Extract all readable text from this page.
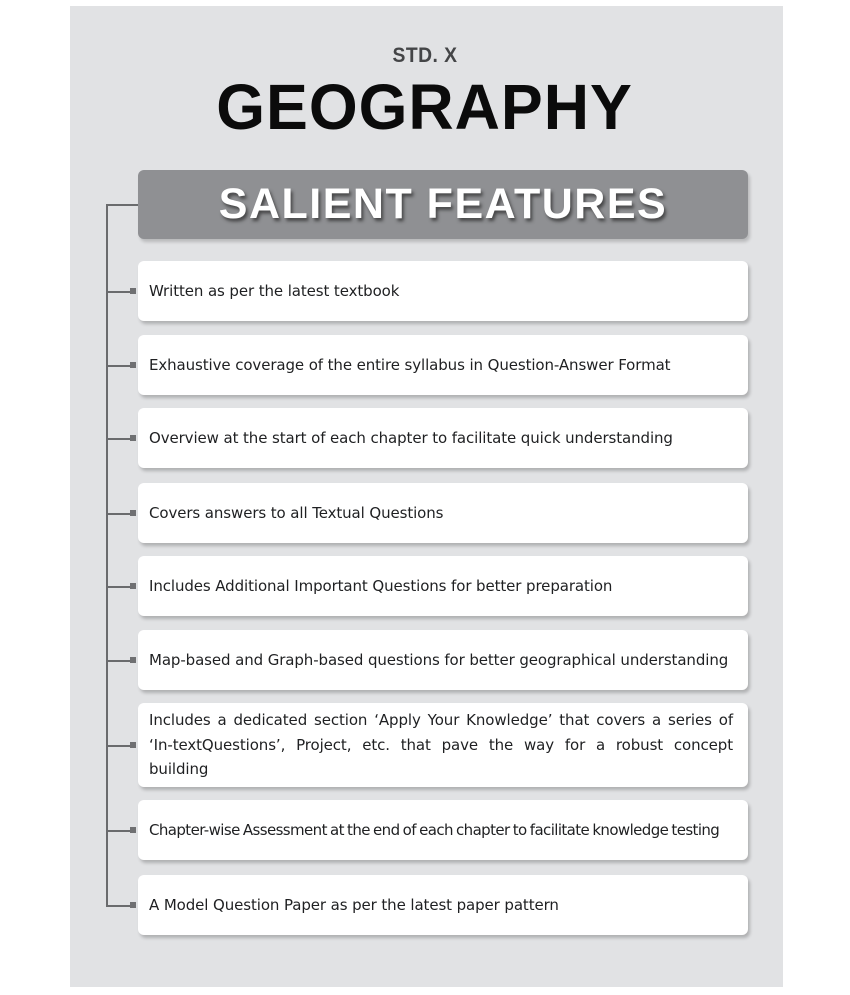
STD. X
GEOGRAPHY
SALIENT FEATURES
Written as per the latest textbook
Exhaustive coverage of the entire syllabus in Question-Answer Format
Overview at the start of each chapter to facilitate quick understanding
Covers answers to all Textual Questions
Includes Additional Important Questions for better preparation
Map-based and Graph-based questions for better geographical understanding
Includes a dedicated section ‘Apply Your Knowledge’ that covers a series of ‘In-textQuestions’, Project, etc. that pave the way for a robust concept building
Chapter-wise Assessment at the end of each chapter to facilitate knowledge testing
A Model Question Paper as per the latest paper pattern
